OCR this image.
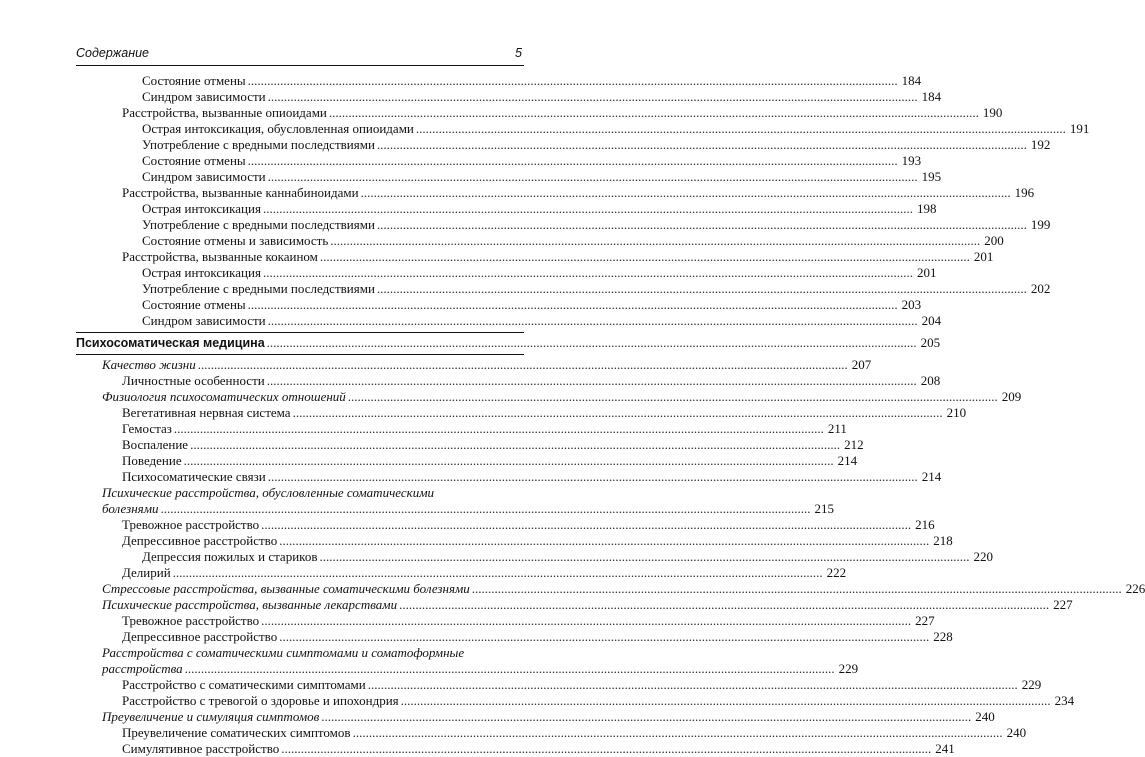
Содержание	5
Состояние отмены ........................................................................................................................................................................................................ 184
Синдром зависимости ........................................................................................................................................................................................................ 184
Расстройства, вызванные опиоидами ........................................................................................................................................................................................................ 190
Острая интоксикация, обусловленная опиоидами ........................................................................................................................................................................................................ 191
Употребление с вредными последствиями ........................................................................................................................................................................................................ 192
Состояние отмены ........................................................................................................................................................................................................ 193
Синдром зависимости ........................................................................................................................................................................................................ 195
Расстройства, вызванные каннабиноидами ........................................................................................................................................................................................................ 196
Острая интоксикация ........................................................................................................................................................................................................ 198
Употребление с вредными последствиями ........................................................................................................................................................................................................ 199
Состояние отмены и зависимость ........................................................................................................................................................................................................ 200
Расстройства, вызванные кокаином ........................................................................................................................................................................................................ 201
Острая интоксикация ........................................................................................................................................................................................................ 201
Употребление с вредными последствиями ........................................................................................................................................................................................................ 202
Состояние отмены ........................................................................................................................................................................................................ 203
Синдром зависимости ........................................................................................................................................................................................................ 204
Психосоматическая медицина ........................................................................................................................................................................................................ 205
Качество жизни ........................................................................................................................................................................................................ 207
Личностные особенности ........................................................................................................................................................................................................ 208
Физиология психосоматических отношений ........................................................................................................................................................................................................ 209
Вегетативная нервная система ........................................................................................................................................................................................................ 210
Гемостаз ........................................................................................................................................................................................................ 211
Воспаление ........................................................................................................................................................................................................ 212
Поведение ........................................................................................................................................................................................................ 214
Психосоматические связи ........................................................................................................................................................................................................ 214
Психические расстройства, обусловленные соматическими
болезнями ........................................................................................................................................................................................................ 215
Тревожное расстройство ........................................................................................................................................................................................................ 216
Депрессивное расстройство ........................................................................................................................................................................................................ 218
Депрессия пожилых и стариков ........................................................................................................................................................................................................ 220
Делирий ........................................................................................................................................................................................................ 222
Стрессовые расстройства, вызванные соматическими болезнями ........................................................................................................................................................................................................ 226
Психические расстройства, вызванные лекарствами ........................................................................................................................................................................................................ 227
Тревожное расстройство ........................................................................................................................................................................................................ 227
Депрессивное расстройство ........................................................................................................................................................................................................ 228
Расстройства с соматическими симптомами и соматоформные
расстройства ........................................................................................................................................................................................................ 229
Расстройство с соматическими симптомами ........................................................................................................................................................................................................ 229
Расстройство с тревогой о здоровье и ипохондрия ........................................................................................................................................................................................................ 234
Преувеличение и симуляция симптомов ........................................................................................................................................................................................................ 240
Преувеличение соматических симптомов ........................................................................................................................................................................................................ 240
Симулятивное расстройство ........................................................................................................................................................................................................ 241
